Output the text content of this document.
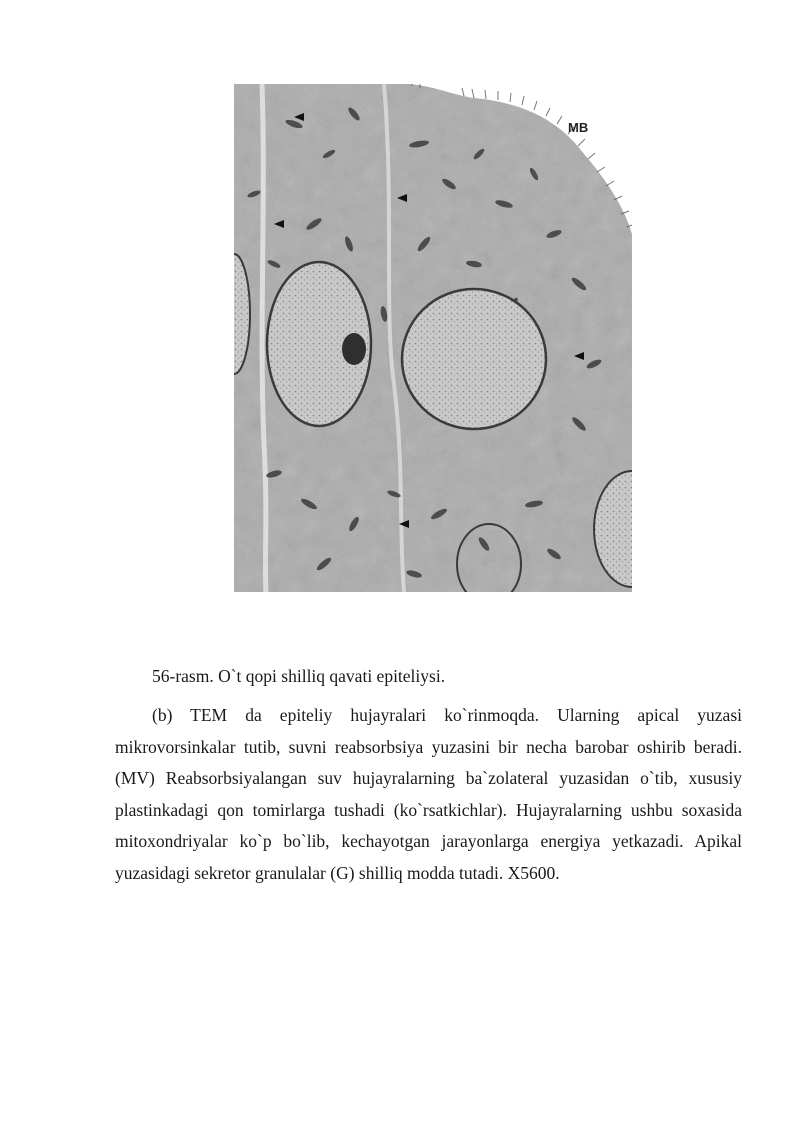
MB

56-rasm. O`t qopi shilliq qavati epiteliysi.

(b) TEM da epiteliy hujayralari ko`rinmoqda. Ularning apical yuzasi mikrovorsinkalar tutib, suvni reabsorbsiya yuzasini bir necha barobar oshirib beradi. (MV) Reabsorbsiyalangan suv hujayralarning ba`zolateral yuzasidan o`tib, xususiy plastinkadagi qon tomirlarga tushadi (ko`rsatkichlar). Hujayralarning ushbu soxasida mitoxondriyalar ko`p bo`lib, kechayotgan jarayonlarga energiya yetkazadi. Apikal yuzasidagi sekretor granulalar (G) shilliq modda tutadi. X5600.
